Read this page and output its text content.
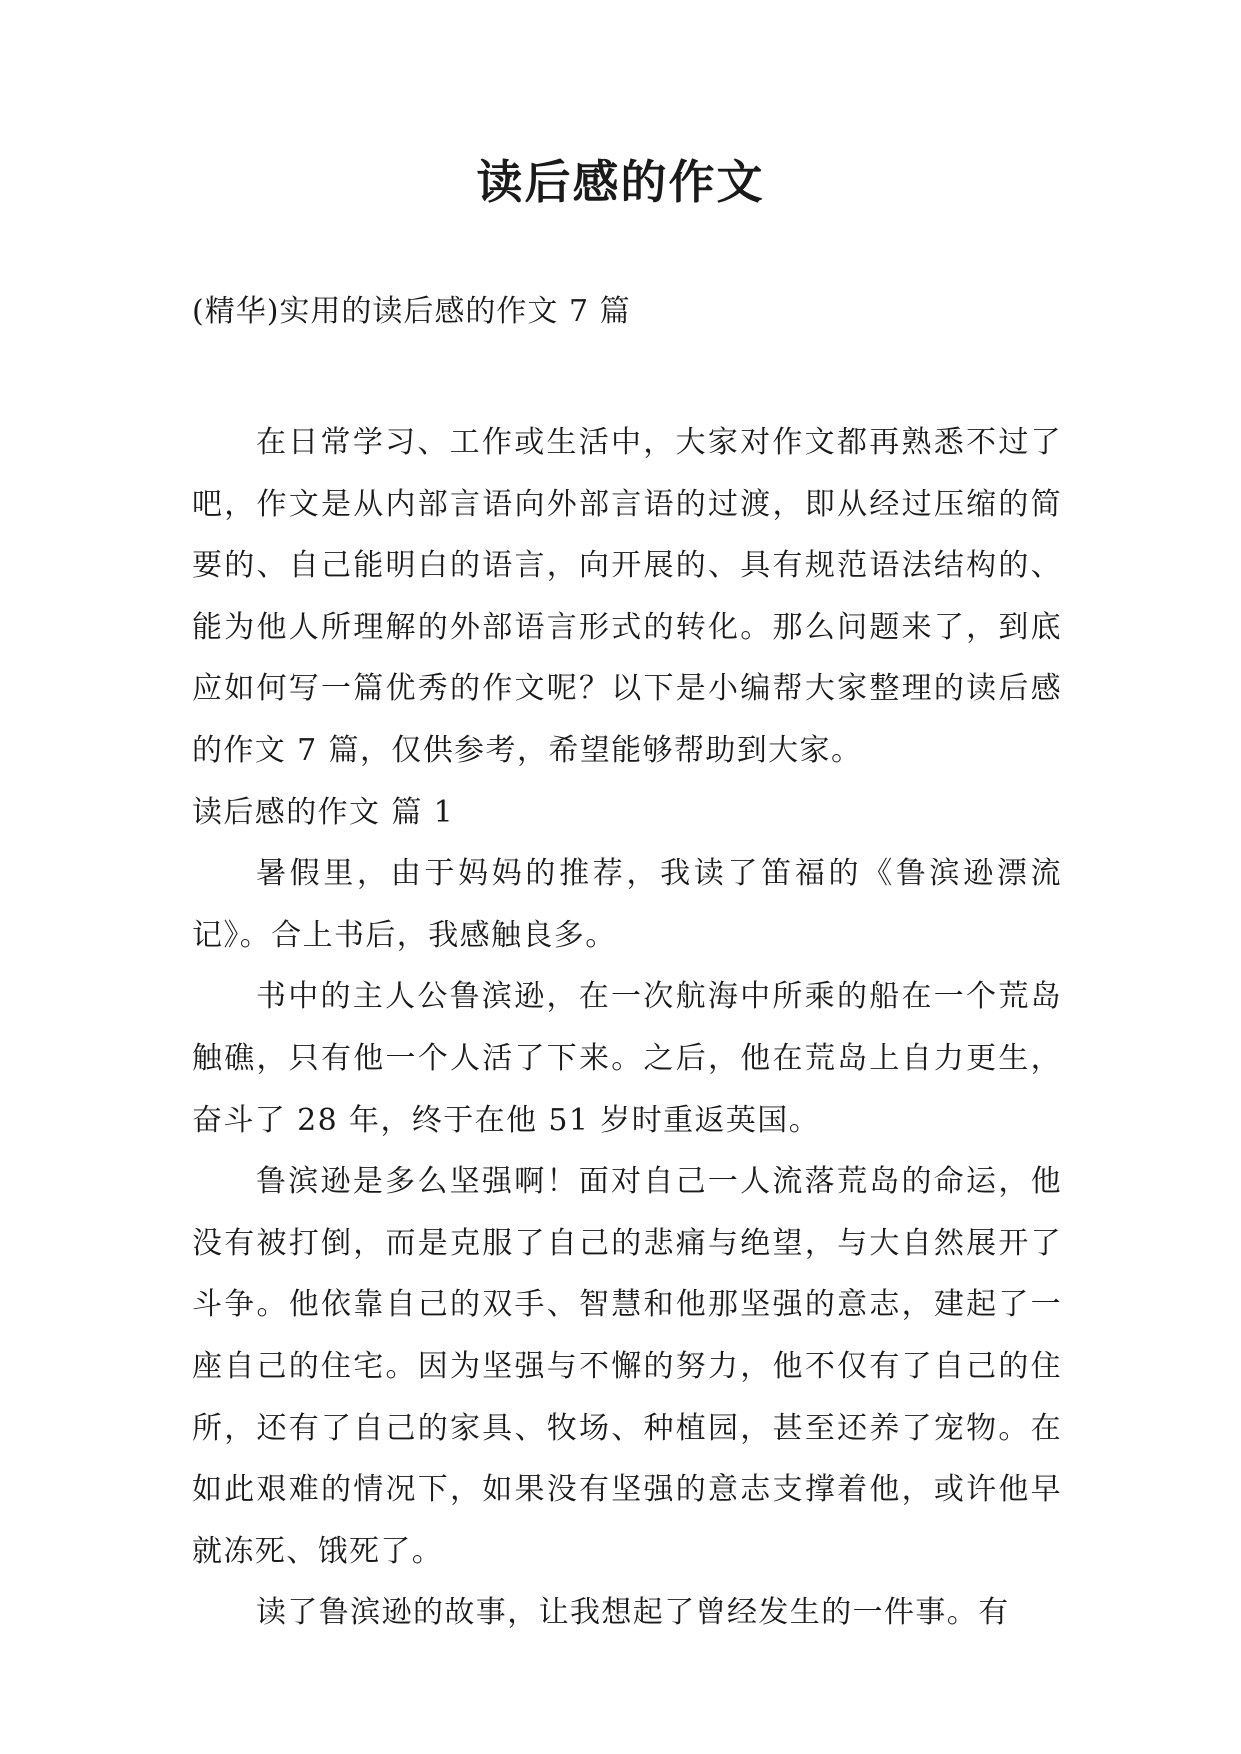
读后感的作文
(精华)实用的读后感的作文 7 篇

在日常学习、工作或生活中，大家对作文都再熟悉不过了吧，作文是从内部言语向外部言语的过渡，即从经过压缩的简要的、自己能明白的语言，向开展的、具有规范语法结构的、能为他人所理解的外部语言形式的转化。那么问题来了，到底应如何写一篇优秀的作文呢？以下是小编帮大家整理的读后感的作文 7 篇，仅供参考，希望能够帮助到大家。

读后感的作文 篇 1

暑假里，由于妈妈的推荐，我读了笛福的《鲁滨逊漂流记》。合上书后，我感触良多。

书中的主人公鲁滨逊，在一次航海中所乘的船在一个荒岛触礁，只有他一个人活了下来。之后，他在荒岛上自力更生，奋斗了 28 年，终于在他 51 岁时重返英国。

鲁滨逊是多么坚强啊！面对自己一人流落荒岛的命运，他没有被打倒，而是克服了自己的悲痛与绝望，与大自然展开了斗争。他依靠自己的双手、智慧和他那坚强的意志，建起了一座自己的住宅。因为坚强与不懈的努力，他不仅有了自己的住所，还有了自己的家具、牧场、种植园，甚至还养了宠物。在如此艰难的情况下，如果没有坚强的意志支撑着他，或许他早就冻死、饿死了。

读了鲁滨逊的故事，让我想起了曾经发生的一件事。有
